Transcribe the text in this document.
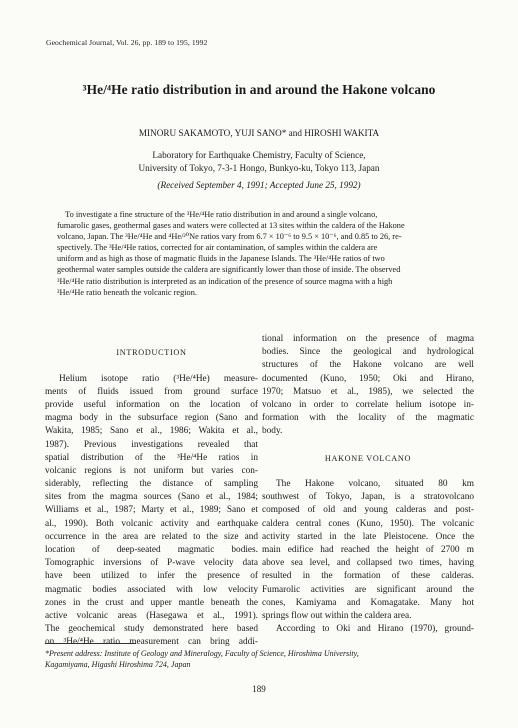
Geochemical Journal, Vol. 26, pp. 189 to 195, 1992
³He/⁴He ratio distribution in and around the Hakone volcano
MINORU SAKAMOTO, YUJI SANO* and HIROSHI WAKITA
Laboratory for Earthquake Chemistry, Faculty of Science,
University of Tokyo, 7-3-1 Hongo, Bunkyo-ku, Tokyo 113, Japan
(Received September 4, 1991; Accepted June 25, 1992)
To investigate a fine structure of the ³He/⁴He ratio distribution in and around a single volcano,
fumarolic gases, geothermal gases and waters were collected at 13 sites within the caldera of the Hakone
volcano, Japan. The ³He/⁴He and ⁴He/²⁰Ne ratios vary from 6.7 × 10⁻⁶ to 9.5 × 10⁻⁶, and 0.85 to 26, re-
spectively. The ³He/⁴He ratios, corrected for air contamination, of samples within the caldera are
uniform and as high as those of magmatic fluids in the Japanese Islands. The ³He/⁴He ratios of two
geothermal water samples outside the caldera are significantly lower than those of inside. The observed
³He/⁴He ratio distribution is interpreted as an indication of the presence of source magma with a high
³He/⁴He ratio beneath the volcanic region.
INTRODUCTION
Helium isotope ratio (³He/⁴He) measure-
ments of fluids issued from ground surface
provide useful information on the location of
magma body in the subsurface region (Sano and
Wakita, 1985; Sano et al., 1986; Wakita et al.,
1987). Previous investigations revealed that
spatial distribution of the ³He/⁴He ratios in
volcanic regions is not uniform but varies con-
siderably, reflecting the distance of sampling
sites from the magma sources (Sano et al., 1984;
Williams et al., 1987; Marty et al., 1989; Sano et
al., 1990). Both volcanic activity and earthquake
occurrence in the area are related to the size and
location of deep-seated magmatic bodies.
Tomographic inversions of P-wave velocity data
have been utilized to infer the presence of
magmatic bodies associated with low velocity
zones in the crust and upper mantle beneath the
active volcanic areas (Hasegawa et al., 1991).
The geochemical study demonstrated here based
on ³He/⁴He ratio measurement can bring addi-
tional information on the presence of magma
bodies. Since the geological and hydrological
structures of the Hakone volcano are well
documented (Kuno, 1950; Oki and Hirano,
1970; Matsuo et al., 1985), we selected the
volcano in order to correlate helium isotope in-
formation with the locality of the magmatic
body.
HAKONE VOLCANO
The Hakone volcano, situated 80 km
southwest of Tokyo, Japan, is a stratovolcano
composed of old and young calderas and post-
caldera central cones (Kuno, 1950). The volcanic
activity started in the late Pleistocene. Once the
main edifice had reached the height of 2700 m
above sea level, and collapsed two times, having
resulted in the formation of these calderas.
Fumarolic activities are significant around the
cones, Kamiyama and Komagatake. Many hot
springs flow out within the caldera area.
According to Oki and Hirano (1970), ground-
*Present address: Institute of Geology and Mineralogy, Faculty of Science, Hiroshima University,
Kagamiyama, Higashi Hiroshima 724, Japan
189
